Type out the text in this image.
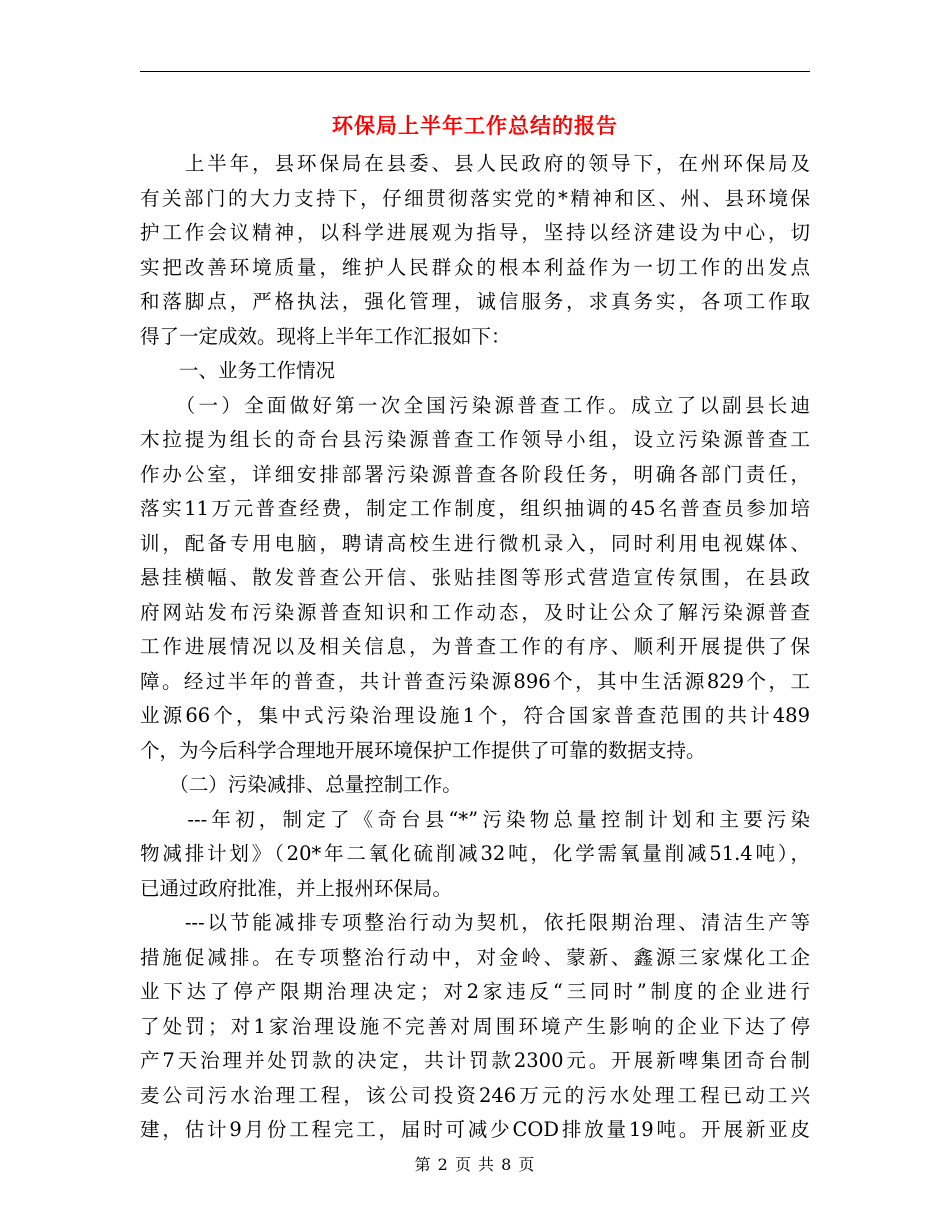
环保局上半年工作总结的报告
　　上半年，县环保局在县委、县人民政府的领导下，在州环保局及
有关部门的大力支持下，仔细贯彻落实党的*精神和区、州、县环境保
护工作会议精神，以科学进展观为指导，坚持以经济建设为中心，切
实把改善环境质量，维护人民群众的根本利益作为一切工作的出发点
和落脚点，严格执法，强化管理，诚信服务，求真务实，各项工作取
得了一定成效。现将上半年工作汇报如下：
　　一、业务工作情况
　　（一）全面做好第一次全国污染源普查工作。成立了以副县长迪
木拉提为组长的奇台县污染源普查工作领导小组，设立污染源普查工
作办公室，详细安排部署污染源普查各阶段任务，明确各部门责任，
落实11万元普查经费，制定工作制度，组织抽调的45名普查员参加培
训，配备专用电脑，聘请高校生进行微机录入，同时利用电视媒体、
悬挂横幅、散发普查公开信、张贴挂图等形式营造宣传氛围，在县政
府网站发布污染源普查知识和工作动态，及时让公众了解污染源普查
工作进展情况以及相关信息，为普查工作的有序、顺利开展提供了保
障。经过半年的普查，共计普查污染源896个，其中生活源829个，工
业源66个，集中式污染治理设施1个，符合国家普查范围的共计489
个，为今后科学合理地开展环境保护工作提供了可靠的数据支持。
　　（二）污染减排、总量控制工作。
　　---年初，制定了《奇台县“*”污染物总量控制计划和主要污染
物减排计划》（20*年二氧化硫削减32吨，化学需氧量削减51.4吨），
已通过政府批准，并上报州环保局。
　　---以节能减排专项整治行动为契机，依托限期治理、清洁生产等
措施促减排。在专项整治行动中，对金岭、蒙新、鑫源三家煤化工企
业下达了停产限期治理决定；对2家违反“三同时”制度的企业进行
了处罚；对1家治理设施不完善对周围环境产生影响的企业下达了停
产7天治理并处罚款的决定，共计罚款2300元。开展新啤集团奇台制
麦公司污水治理工程，该公司投资246万元的污水处理工程已动工兴
建，估计9月份工程完工，届时可减少COD排放量19吨。开展新亚皮
第 2 页 共 8 页
